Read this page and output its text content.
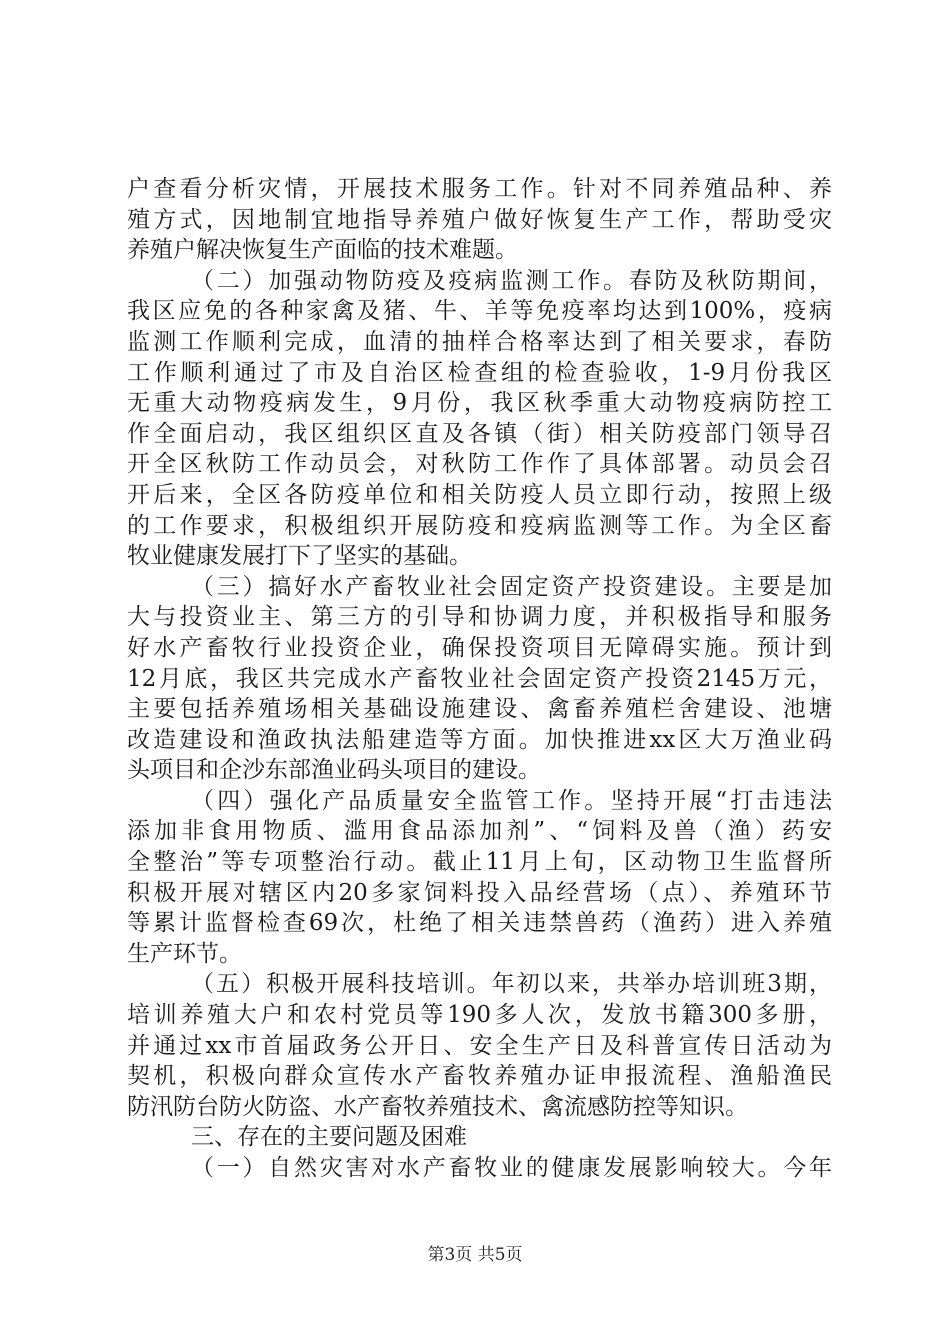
户查看分析灾情，开展技术服务工作。针对不同养殖品种、养
殖方式，因地制宜地指导养殖户做好恢复生产工作，帮助受灾
养殖户解决恢复生产面临的技术难题。
（二）加强动物防疫及疫病监测工作。春防及秋防期间，
我区应免的各种家禽及猪、牛、羊等免疫率均达到100%，疫病
监测工作顺利完成，血清的抽样合格率达到了相关要求，春防
工作顺利通过了市及自治区检查组的检查验收，1-9月份我区
无重大动物疫病发生，9月份，我区秋季重大动物疫病防控工
作全面启动，我区组织区直及各镇（街）相关防疫部门领导召
开全区秋防工作动员会，对秋防工作作了具体部署。动员会召
开后来，全区各防疫单位和相关防疫人员立即行动，按照上级
的工作要求，积极组织开展防疫和疫病监测等工作。为全区畜
牧业健康发展打下了坚实的基础。
（三）搞好水产畜牧业社会固定资产投资建设。主要是加
大与投资业主、第三方的引导和协调力度，并积极指导和服务
好水产畜牧行业投资企业，确保投资项目无障碍实施。预计到
12月底，我区共完成水产畜牧业社会固定资产投资2145万元，
主要包括养殖场相关基础设施建设、禽畜养殖栏舍建设、池塘
改造建设和渔政执法船建造等方面。加快推进xx区大万渔业码
头项目和企沙东部渔业码头项目的建设。
（四）强化产品质量安全监管工作。坚持开展“打击违法
添加非食用物质、滥用食品添加剂”、“饲料及兽（渔）药安
全整治”等专项整治行动。截止11月上旬，区动物卫生监督所
积极开展对辖区内20多家饲料投入品经营场（点）、养殖环节
等累计监督检查69次，杜绝了相关违禁兽药（渔药）进入养殖
生产环节。
（五）积极开展科技培训。年初以来，共举办培训班3期，
培训养殖大户和农村党员等190多人次，发放书籍300多册，
并通过xx市首届政务公开日、安全生产日及科普宣传日活动为
契机，积极向群众宣传水产畜牧养殖办证申报流程、渔船渔民
防汛防台防火防盗、水产畜牧养殖技术、禽流感防控等知识。
三、存在的主要问题及困难
（一）自然灾害对水产畜牧业的健康发展影响较大。今年
第3页 共5页
